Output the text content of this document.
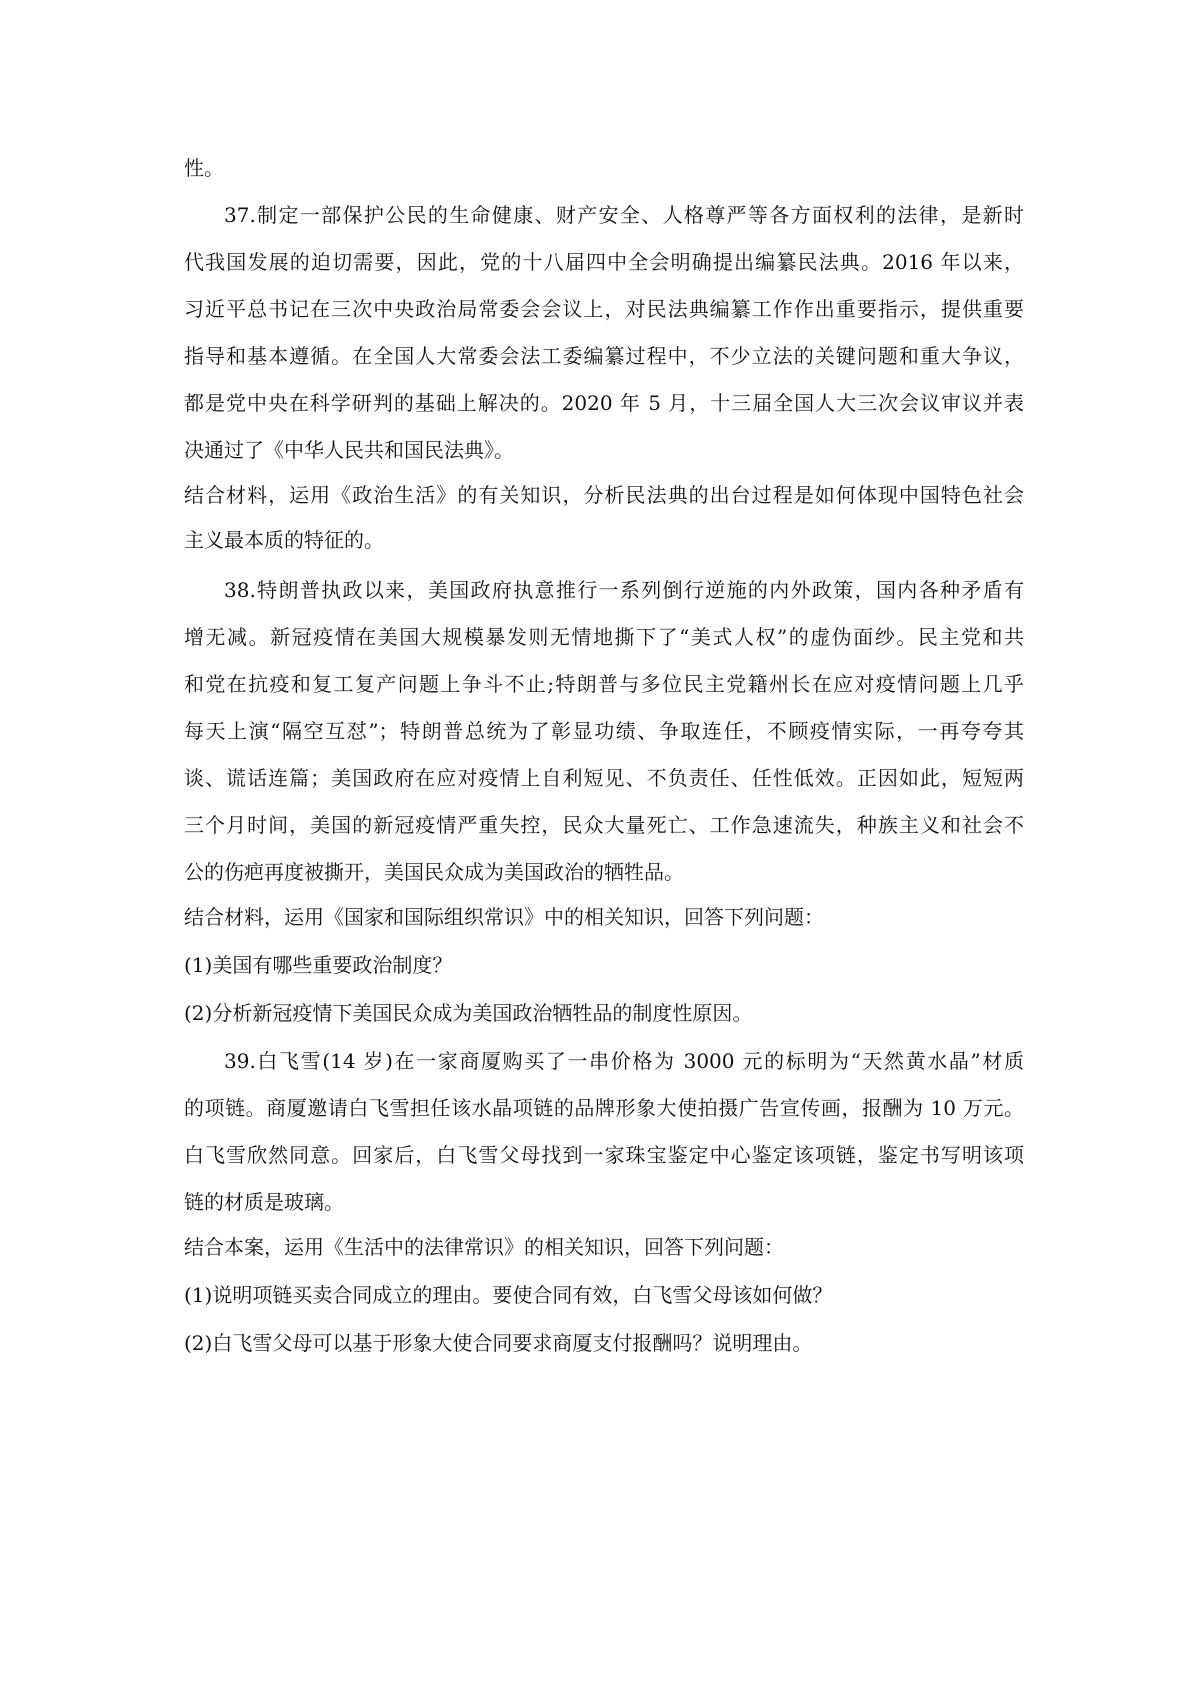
性。
37.制定一部保护公民的生命健康、财产安全、人格尊严等各方面权利的法律，是新时
代我国发展的迫切需要，因此，党的十八届四中全会明确提出编纂民法典。2016 年以来，
习近平总书记在三次中央政治局常委会会议上，对民法典编纂工作作出重要指示，提供重要
指导和基本遵循。在全国人大常委会法工委编纂过程中，不少立法的关键问题和重大争议，
都是党中央在科学研判的基础上解决的。2020 年 5 月，十三届全国人大三次会议审议并表
决通过了《中华人民共和国民法典》。
结合材料，运用《政治生活》的有关知识，分析民法典的出台过程是如何体现中国特色社会
主义最本质的特征的。
38.特朗普执政以来，美国政府执意推行一系列倒行逆施的内外政策，国内各种矛盾有
增无减。新冠疫情在美国大规模暴发则无情地撕下了“美式人权”的虚伪面纱。民主党和共
和党在抗疫和复工复产问题上争斗不止;特朗普与多位民主党籍州长在应对疫情问题上几乎
每天上演“隔空互怼”；特朗普总统为了彰显功绩、争取连任，不顾疫情实际，一再夸夸其
谈、谎话连篇；美国政府在应对疫情上自利短见、不负责任、任性低效。正因如此，短短两
三个月时间，美国的新冠疫情严重失控，民众大量死亡、工作急速流失，种族主义和社会不
公的伤疤再度被撕开，美国民众成为美国政治的牺牲品。
结合材料，运用《国家和国际组织常识》中的相关知识，回答下列问题：
(1)美国有哪些重要政治制度？
(2)分析新冠疫情下美国民众成为美国政治牺牲品的制度性原因。
39.白飞雪(14 岁)在一家商厦购买了一串价格为 3000 元的标明为“天然黄水晶”材质
的项链。商厦邀请白飞雪担任该水晶项链的品牌形象大使拍摄广告宣传画，报酬为 10 万元。
白飞雪欣然同意。回家后，白飞雪父母找到一家珠宝鉴定中心鉴定该项链，鉴定书写明该项
链的材质是玻璃。
结合本案，运用《生活中的法律常识》的相关知识，回答下列问题：
(1)说明项链买卖合同成立的理由。要使合同有效，白飞雪父母该如何做？
(2)白飞雪父母可以基于形象大使合同要求商厦支付报酬吗？说明理由。
